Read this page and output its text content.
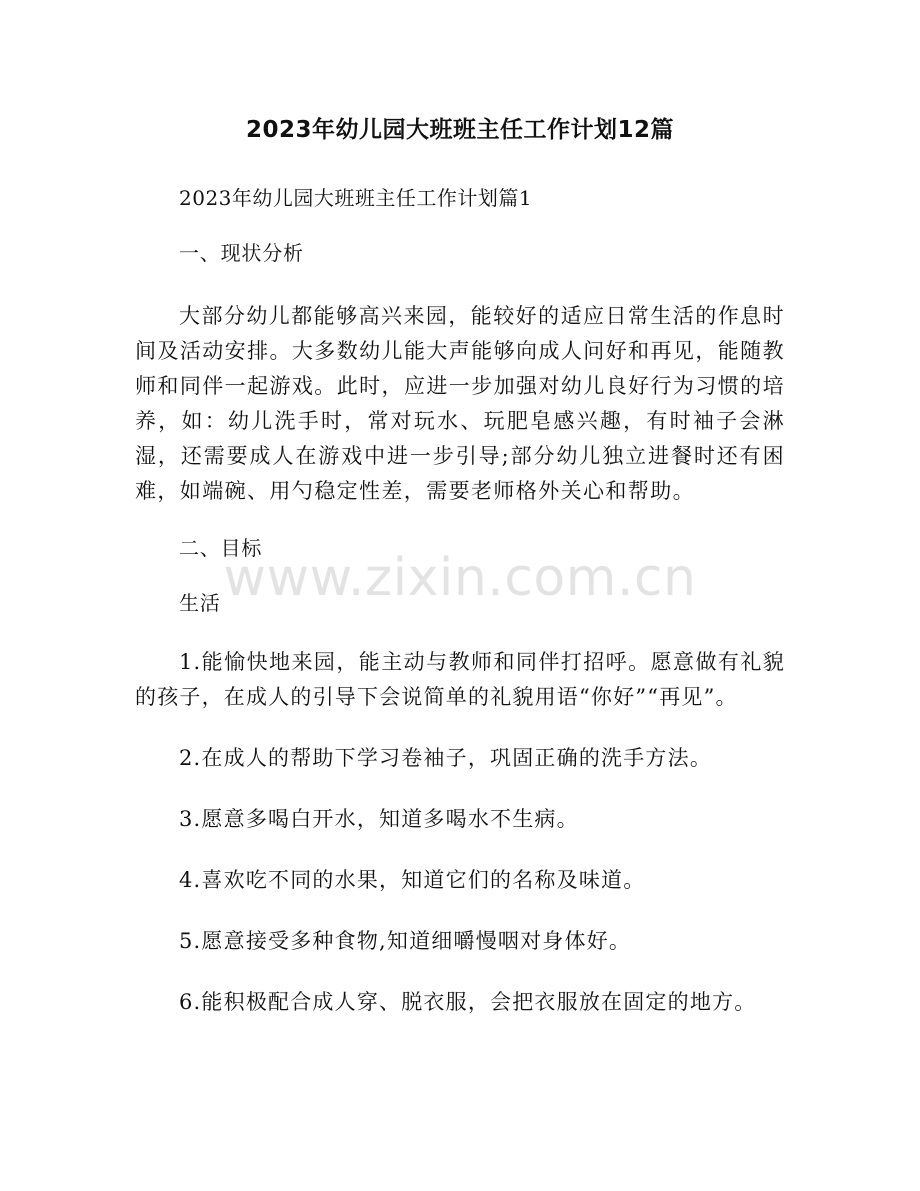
2023年幼儿园大班班主任工作计划12篇

2023年幼儿园大班班主任工作计划篇1

一、现状分析

大部分幼儿都能够高兴来园，能较好的适应日常生活的作息时间及活动安排。大多数幼儿能大声能够向成人问好和再见，能随教师和同伴一起游戏。此时，应进一步加强对幼儿良好行为习惯的培养，如：幼儿洗手时，常对玩水、玩肥皂感兴趣，有时袖子会淋湿，还需要成人在游戏中进一步引导;部分幼儿独立进餐时还有困难，如端碗、用勺稳定性差，需要老师格外关心和帮助。

二、目标

生活

1.能愉快地来园，能主动与教师和同伴打招呼。愿意做有礼貌的孩子，在成人的引导下会说简单的礼貌用语“你好”“再见”。

2.在成人的帮助下学习卷袖子，巩固正确的洗手方法。

3.愿意多喝白开水，知道多喝水不生病。

4.喜欢吃不同的水果，知道它们的名称及味道。

5.愿意接受多种食物,知道细嚼慢咽对身体好。

6.能积极配合成人穿、脱衣服，会把衣服放在固定的地方。

www.zixin.com.cn
